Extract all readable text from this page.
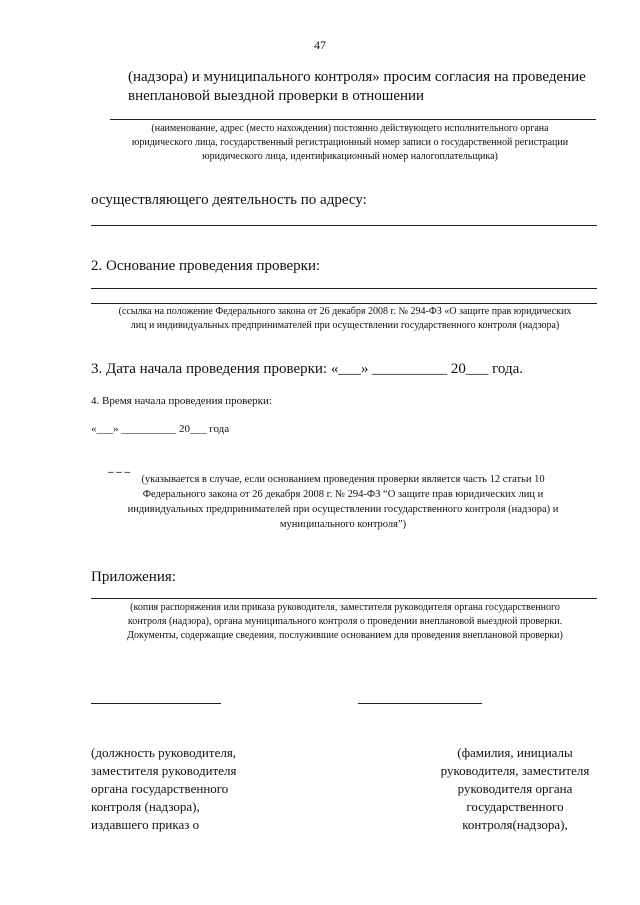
47
(надзора) и муниципального контроля» просим согласия на проведение
внеплановой выездной проверки в отношении
(наименование, адрес (место нахождения) постоянно действующего исполнительного органа
юридического лица, государственный регистрационный номер записи о государственной регистрации
юридического лица, идентификационный номер налогоплательщика)
осуществляющего деятельность по адресу:
2. Основание проведения проверки:
(ссылка на положение Федерального закона от 26 декабря 2008 г. № 294-ФЗ «О защите прав юридических
лиц и индивидуальных предпринимателей при осуществлении государственного контроля (надзора)
3. Дата начала проведения проверки: «___» __________ 20___ года.
4. Время начала проведения проверки:
«___» __________ 20___ года
_ _ _
(указывается в случае, если основанием проведения проверки является часть 12 статьи 10
Федерального закона от 26 декабря 2008 г. № 294-ФЗ “О защите прав юридических лиц и
индивидуальных предпринимателей при осуществлении государственного контроля (надзора) и
муниципального контроля”)
Приложения:
(копия распоряжения или приказа руководителя, заместителя руководителя органа государственного
контроля (надзора), органа муниципального контроля о проведении внеплановой выездной проверки.
Документы, содержащие сведения, послужившие основанием для проведения внеплановой проверки)
(должность руководителя,
заместителя руководителя
органа государственного
контроля (надзора),
издавшего приказ о
(фамилия, инициалы
руководителя, заместителя
руководителя органа
государственного
контроля(надзора),
